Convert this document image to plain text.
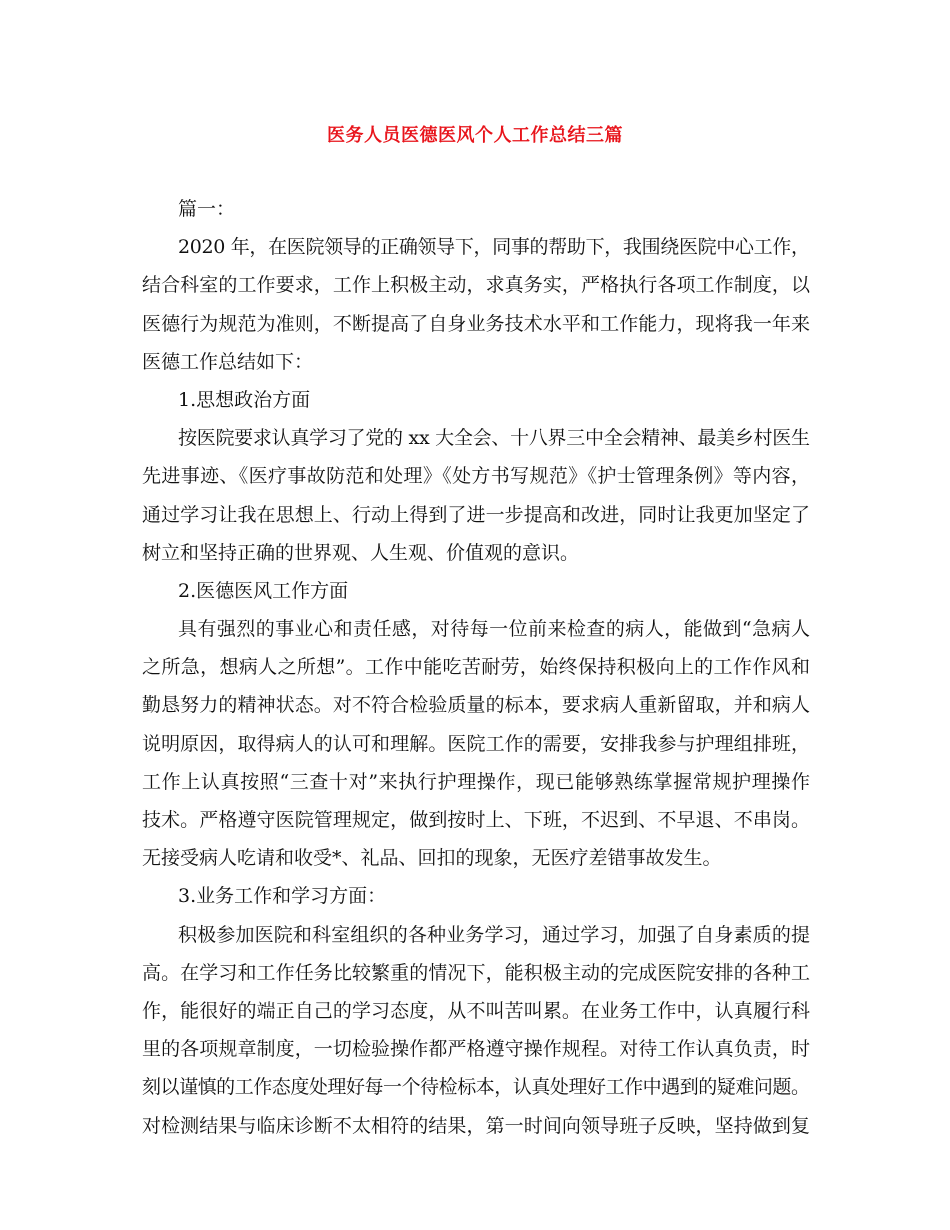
医务人员医德医风个人工作总结三篇
篇一：
2020 年，在医院领导的正确领导下，同事的帮助下，我围绕医院中心工作，
结合科室的工作要求，工作上积极主动，求真务实，严格执行各项工作制度，以
医德行为规范为准则，不断提高了自身业务技术水平和工作能力，现将我一年来
医德工作总结如下：
1.思想政治方面
按医院要求认真学习了党的 xx 大全会、十八界三中全会精神、最美乡村医生
先进事迹、《医疗事故防范和处理》《处方书写规范》《护士管理条例》等内容，
通过学习让我在思想上、行动上得到了进一步提高和改进，同时让我更加坚定了
树立和坚持正确的世界观、人生观、价值观的意识。
2.医德医风工作方面
具有强烈的事业心和责任感，对待每一位前来检查的病人，能做到“急病人
之所急，想病人之所想”。工作中能吃苦耐劳，始终保持积极向上的工作作风和
勤恳努力的精神状态。对不符合检验质量的标本，要求病人重新留取，并和病人
说明原因，取得病人的认可和理解。医院工作的需要，安排我参与护理组排班，
工作上认真按照“三查十对”来执行护理操作，现已能够熟练掌握常规护理操作
技术。严格遵守医院管理规定，做到按时上、下班，不迟到、不早退、不串岗。
无接受病人吃请和收受*、礼品、回扣的现象，无医疗差错事故发生。
3.业务工作和学习方面：
积极参加医院和科室组织的各种业务学习，通过学习，加强了自身素质的提
高。在学习和工作任务比较繁重的情况下，能积极主动的完成医院安排的各种工
作，能很好的端正自己的学习态度，从不叫苦叫累。在业务工作中，认真履行科
里的各项规章制度，一切检验操作都严格遵守操作规程。对待工作认真负责，时
刻以谨慎的工作态度处理好每一个待检标本，认真处理好工作中遇到的疑难问题。
对检测结果与临床诊断不太相符的结果，第一时间向领导班子反映，坚持做到复
